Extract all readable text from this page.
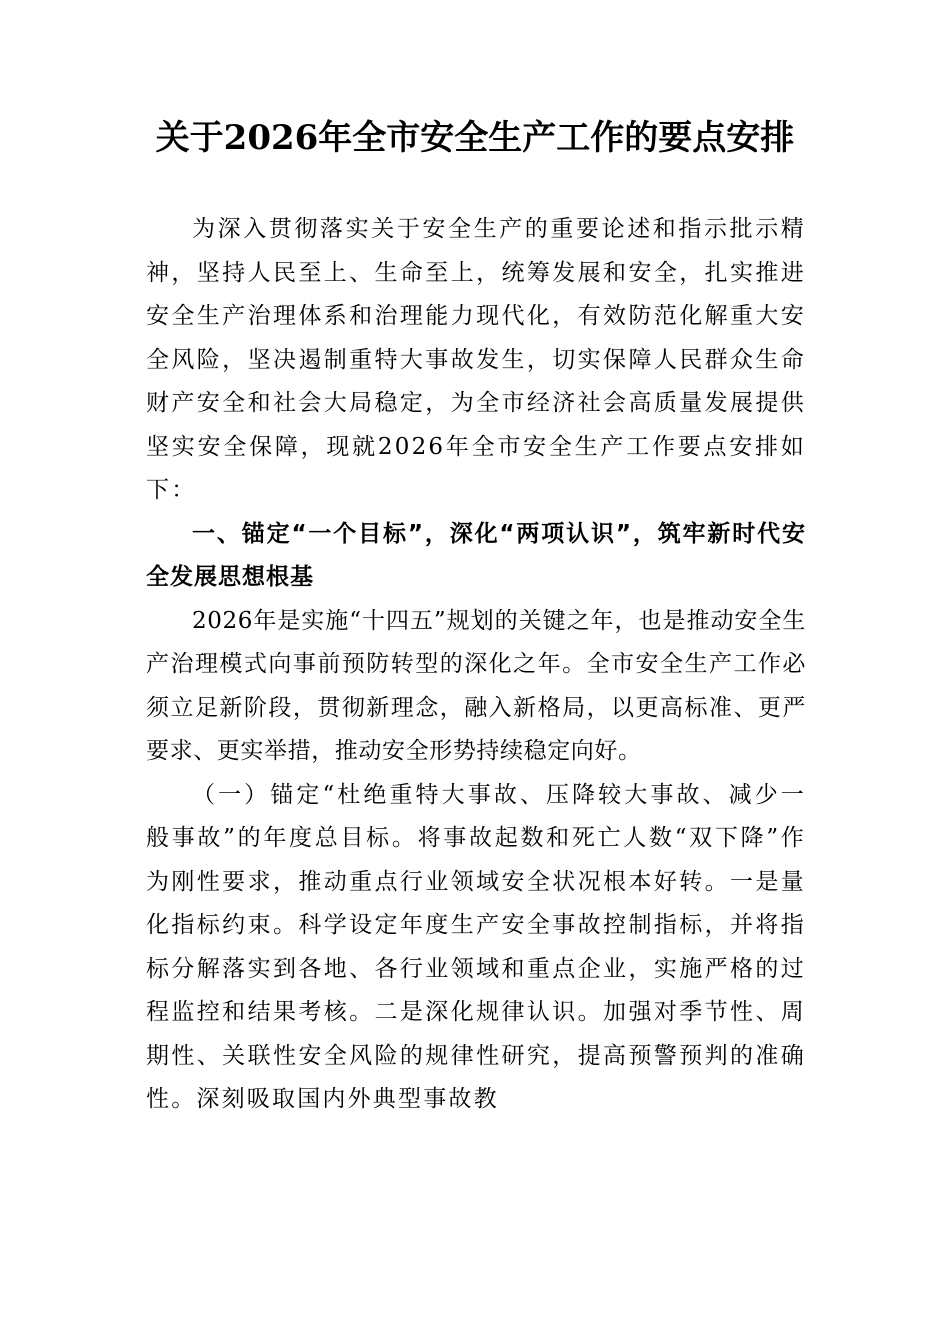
关于2026年全市安全生产工作的要点安排

为深入贯彻落实关于安全生产的重要论述和指示批示精神，坚持人民至上、生命至上，统筹发展和安全，扎实推进安全生产治理体系和治理能力现代化，有效防范化解重大安全风险，坚决遏制重特大事故发生，切实保障人民群众生命财产安全和社会大局稳定，为全市经济社会高质量发展提供坚实安全保障，现就2026年全市安全生产工作要点安排如下：

一、锚定“一个目标”，深化“两项认识”，筑牢新时代安全发展思想根基

2026年是实施“十四五”规划的关键之年，也是推动安全生产治理模式向事前预防转型的深化之年。全市安全生产工作必须立足新阶段，贯彻新理念，融入新格局，以更高标准、更严要求、更实举措，推动安全形势持续稳定向好。

（一）锚定“杜绝重特大事故、压降较大事故、减少一般事故”的年度总目标。将事故起数和死亡人数“双下降”作为刚性要求，推动重点行业领域安全状况根本好转。一是量化指标约束。科学设定年度生产安全事故控制指标，并将指标分解落实到各地、各行业领域和重点企业，实施严格的过程监控和结果考核。二是深化规律认识。加强对季节性、周期性、关联性安全风险的规律性研究，提高预警预判的准确性。深刻吸取国内外典型事故教
